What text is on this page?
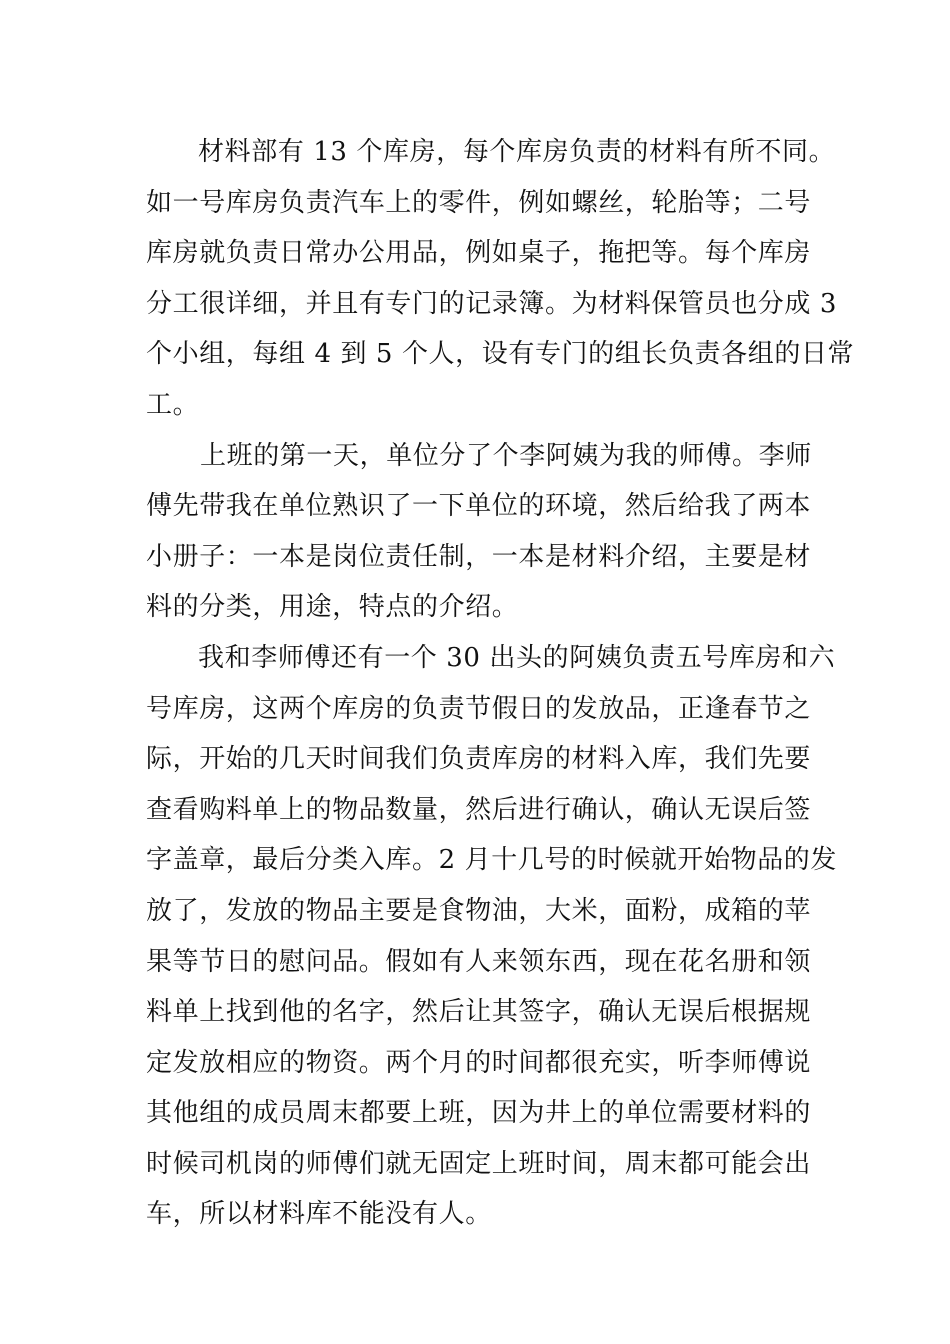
材料部有 13 个库房，每个库房负责的材料有所不同。
如一号库房负责汽车上的零件，例如螺丝，轮胎等；二号
库房就负责日常办公用品，例如桌子，拖把等。每个库房
分工很详细，并且有专门的记录簿。为材料保管员也分成 3
个小组，每组 4 到 5 个人，设有专门的组长负责各组的日常
工。
上班的第一天，单位分了个李阿姨为我的师傅。李师
傅先带我在单位熟识了一下单位的环境，然后给我了两本
小册子：一本是岗位责任制，一本是材料介绍，主要是材
料的分类，用途，特点的介绍。
我和李师傅还有一个 30 出头的阿姨负责五号库房和六
号库房，这两个库房的负责节假日的发放品，正逢春节之
际，开始的几天时间我们负责库房的材料入库，我们先要
查看购料单上的物品数量，然后进行确认，确认无误后签
字盖章，最后分类入库。2 月十几号的时候就开始物品的发
放了，发放的物品主要是食物油，大米，面粉，成箱的苹
果等节日的慰问品。假如有人来领东西，现在花名册和领
料单上找到他的名字，然后让其签字，确认无误后根据规
定发放相应的物资。两个月的时间都很充实，听李师傅说
其他组的成员周末都要上班，因为井上的单位需要材料的
时候司机岗的师傅们就无固定上班时间，周末都可能会出
车，所以材料库不能没有人。
